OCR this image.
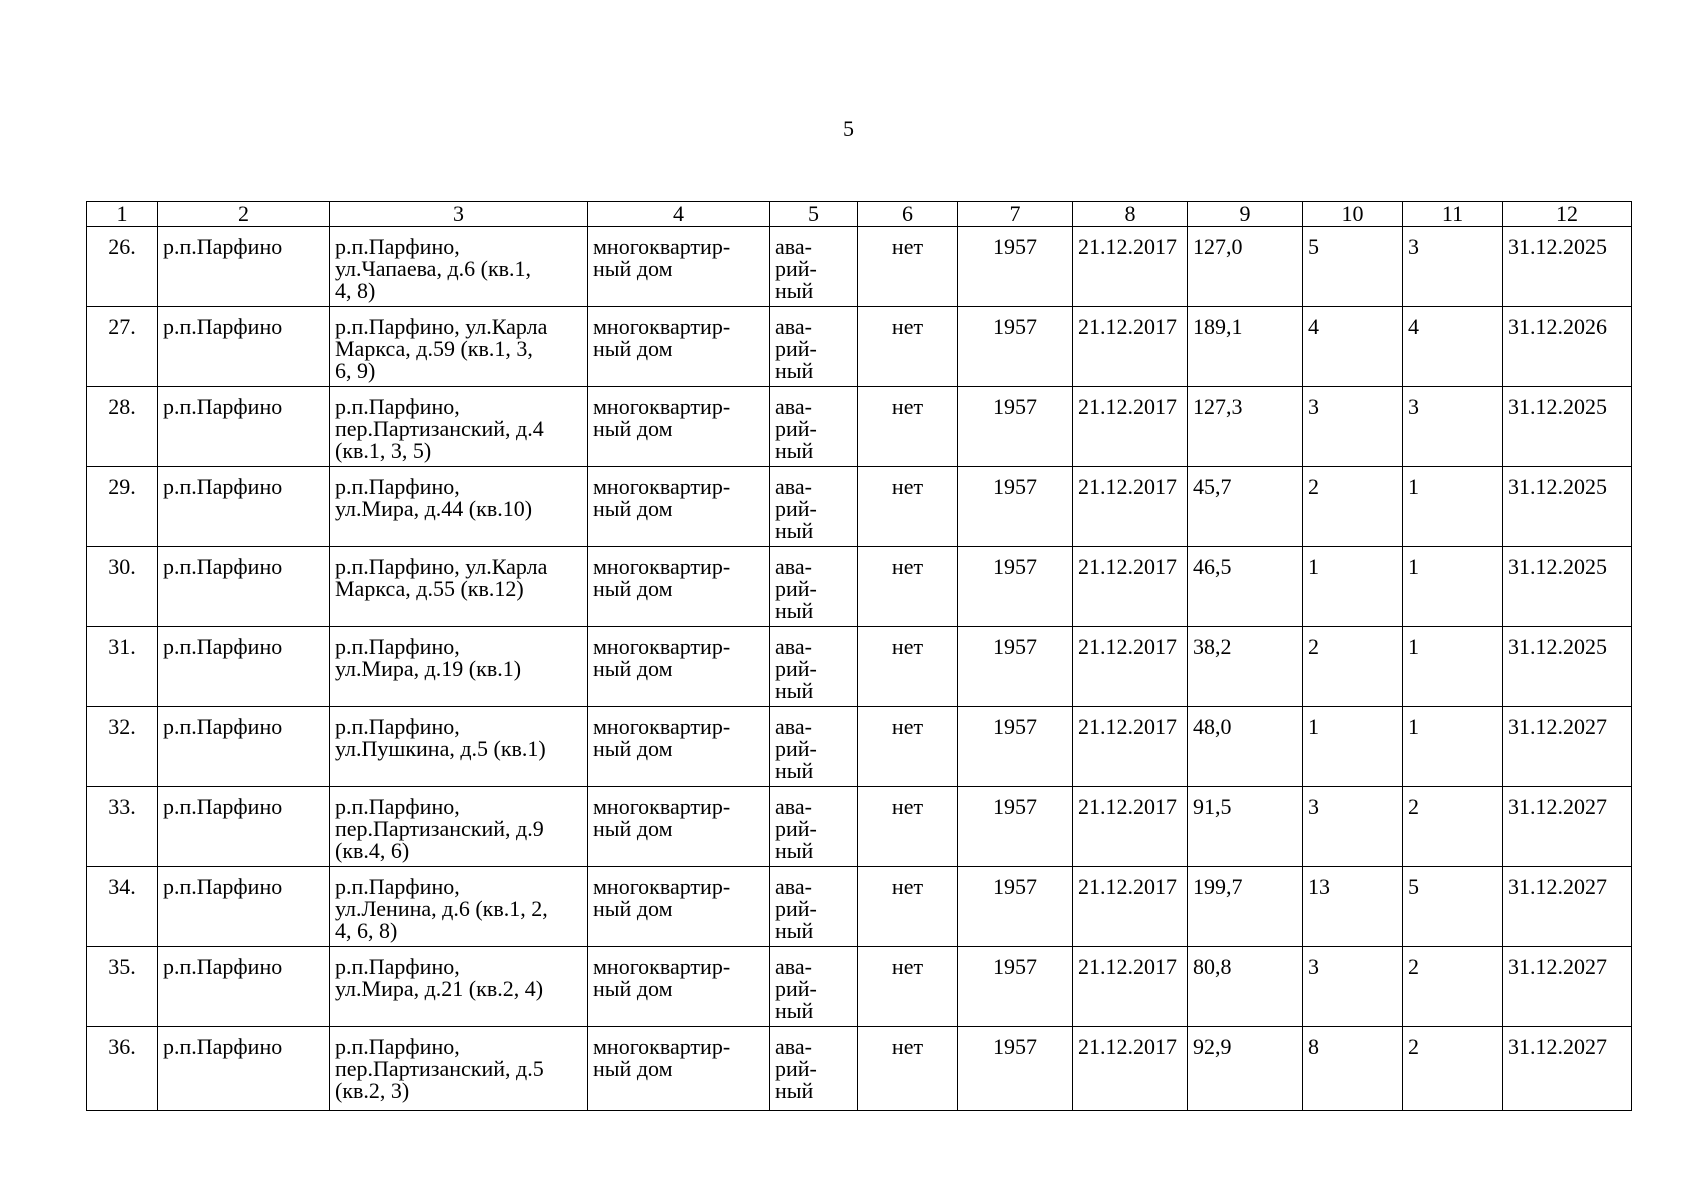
5
1	2	3	4	5	6	7	8	9	10	11	12
26.	р.п.Парфино	р.п.Парфино,
ул.Чапаева, д.6 (кв.1,
4, 8)	многоквартир-
ный дом	ава-
рий-
ный	нет	1957	21.12.2017	127,0	5	3	31.12.2025
27.	р.п.Парфино	р.п.Парфино, ул.Карла
Маркса, д.59 (кв.1, 3,
6, 9)	многоквартир-
ный дом	ава-
рий-
ный	нет	1957	21.12.2017	189,1	4	4	31.12.2026
28.	р.п.Парфино	р.п.Парфино,
пер.Партизанский, д.4
(кв.1, 3, 5)	многоквартир-
ный дом	ава-
рий-
ный	нет	1957	21.12.2017	127,3	3	3	31.12.2025
29.	р.п.Парфино	р.п.Парфино,
ул.Мира, д.44 (кв.10)	многоквартир-
ный дом	ава-
рий-
ный	нет	1957	21.12.2017	45,7	2	1	31.12.2025
30.	р.п.Парфино	р.п.Парфино, ул.Карла
Маркса, д.55 (кв.12)	многоквартир-
ный дом	ава-
рий-
ный	нет	1957	21.12.2017	46,5	1	1	31.12.2025
31.	р.п.Парфино	р.п.Парфино,
ул.Мира, д.19 (кв.1)	многоквартир-
ный дом	ава-
рий-
ный	нет	1957	21.12.2017	38,2	2	1	31.12.2025
32.	р.п.Парфино	р.п.Парфино,
ул.Пушкина, д.5 (кв.1)	многоквартир-
ный дом	ава-
рий-
ный	нет	1957	21.12.2017	48,0	1	1	31.12.2027
33.	р.п.Парфино	р.п.Парфино,
пер.Партизанский, д.9
(кв.4, 6)	многоквартир-
ный дом	ава-
рий-
ный	нет	1957	21.12.2017	91,5	3	2	31.12.2027
34.	р.п.Парфино	р.п.Парфино,
ул.Ленина, д.6 (кв.1, 2,
4, 6, 8)	многоквартир-
ный дом	ава-
рий-
ный	нет	1957	21.12.2017	199,7	13	5	31.12.2027
35.	р.п.Парфино	р.п.Парфино,
ул.Мира, д.21 (кв.2, 4)	многоквартир-
ный дом	ава-
рий-
ный	нет	1957	21.12.2017	80,8	3	2	31.12.2027
36.	р.п.Парфино	р.п.Парфино,
пер.Партизанский, д.5
(кв.2, 3)	многоквартир-
ный дом	ава-
рий-
ный	нет	1957	21.12.2017	92,9	8	2	31.12.2027
